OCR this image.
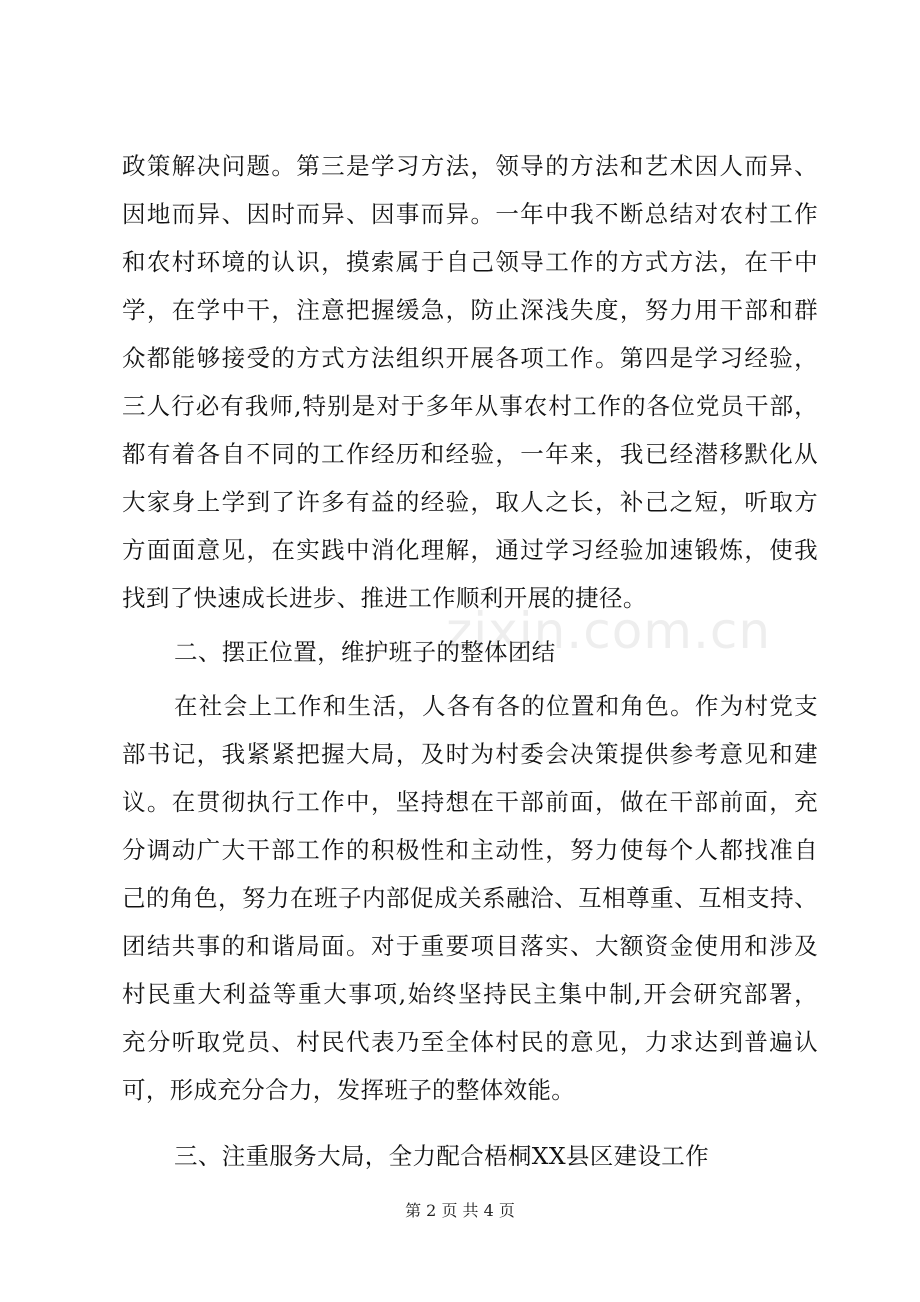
政策解决问题。第三是学习方法，领导的方法和艺术因人而异、
因地而异、因时而异、因事而异。一年中我不断总结对农村工作
和农村环境的认识，摸索属于自己领导工作的方式方法，在干中
学，在学中干，注意把握缓急，防止深浅失度，努力用干部和群
众都能够接受的方式方法组织开展各项工作。第四是学习经验，
三人行必有我师,特别是对于多年从事农村工作的各位党员干部，
都有着各自不同的工作经历和经验，一年来，我已经潜移默化从
大家身上学到了许多有益的经验，取人之长，补己之短，听取方
方面面意见，在实践中消化理解，通过学习经验加速锻炼，使我
找到了快速成长进步、推进工作顺利开展的捷径。
二、摆正位置，维护班子的整体团结
在社会上工作和生活，人各有各的位置和角色。作为村党支
部书记，我紧紧把握大局，及时为村委会决策提供参考意见和建
议。在贯彻执行工作中，坚持想在干部前面，做在干部前面，充
分调动广大干部工作的积极性和主动性，努力使每个人都找准自
己的角色，努力在班子内部促成关系融洽、互相尊重、互相支持、
团结共事的和谐局面。对于重要项目落实、大额资金使用和涉及
村民重大利益等重大事项,始终坚持民主集中制,开会研究部署，
充分听取党员、村民代表乃至全体村民的意见，力求达到普遍认
可，形成充分合力，发挥班子的整体效能。
三、注重服务大局，全力配合梧桐XX县区建设工作
zixin.com.cn
第 2 页 共 4 页
